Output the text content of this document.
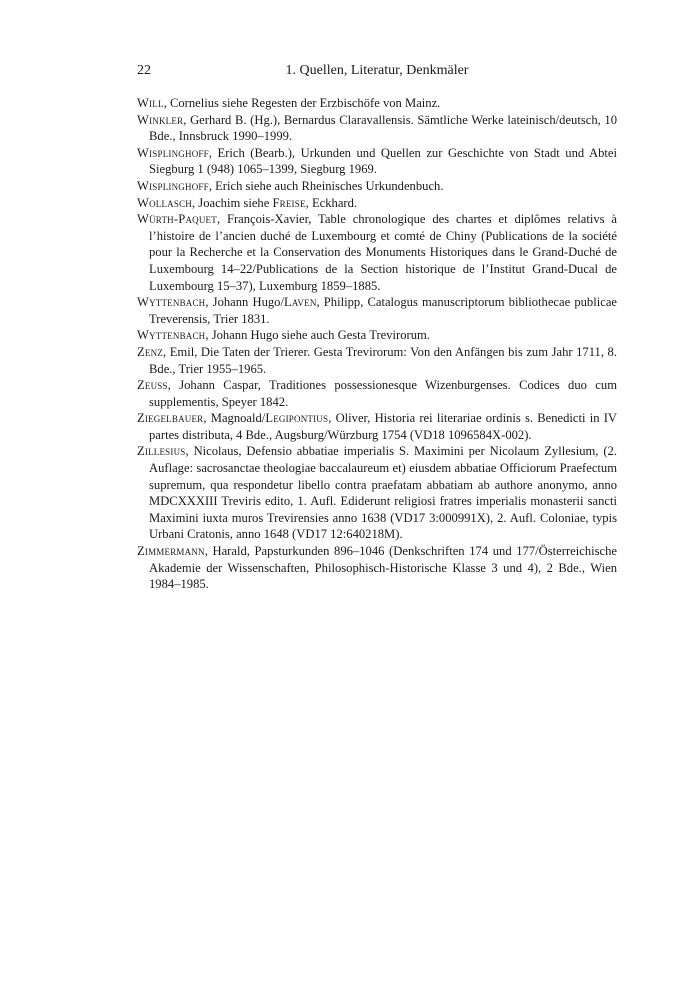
22	1. Quellen, Literatur, Denkmäler

Will, Cornelius siehe Regesten der Erzbischöfe von Mainz.

Winkler, Gerhard B. (Hg.), Bernardus Claravallensis. Sämtliche Werke lateinisch/deutsch, 10 Bde., Innsbruck 1990–1999.

Wisplinghoff, Erich (Bearb.), Urkunden und Quellen zur Geschichte von Stadt und Abtei Siegburg 1 (948) 1065–1399, Siegburg 1969.

Wisplinghoff, Erich siehe auch Rheinisches Urkundenbuch.

Wollasch, Joachim siehe Freise, Eckhard.

Würth-Paquet, François-Xavier, Table chronologique des chartes et diplômes relativs à l’histoire de l’ancien duché de Luxembourg et comté de Chiny (Publications de la société pour la Recherche et la Conservation des Monuments Historiques dans le Grand-Duché de Luxembourg 14–22/Publications de la Section historique de l’Institut Grand-Ducal de Luxembourg 15–37), Luxemburg 1859–1885.

Wyttenbach, Johann Hugo/Laven, Philipp, Catalogus manuscriptorum bibliothecae publicae Treverensis, Trier 1831.

Wyttenbach, Johann Hugo siehe auch Gesta Trevirorum.

Zenz, Emil, Die Taten der Trierer. Gesta Trevirorum: Von den Anfängen bis zum Jahr 1711, 8. Bde., Trier 1955–1965.

Zeuss, Johann Caspar, Traditiones possessionesque Wizenburgenses. Codices duo cum supplementis, Speyer 1842.

Ziegelbauer, Magnoald/Legipontius, Oliver, Historia rei literariae ordinis s. Benedicti in IV partes distributa, 4 Bde., Augsburg/Würzburg 1754 (VD18 1096584X-002).

Zillesius, Nicolaus, Defensio abbatiae imperialis S. Maximini per Nicolaum Zyllesium, (2. Auflage: sacrosanctae theologiae baccalaureum et) eiusdem abbatiae Officiorum Praefectum supremum, qua respondetur libello contra praefatam abbatiam ab authore anonymo, anno MDCXXXIII Treviris edito, 1. Aufl. Ediderunt religiosi fratres imperialis monasterii sancti Maximini iuxta muros Trevirensies anno 1638 (VD17 3:000991X), 2. Aufl. Coloniae, typis Urbani Cratonis, anno 1648 (VD17 12:640218M).

Zimmermann, Harald, Papsturkunden 896–1046 (Denkschriften 174 und 177/Österreichische Akademie der Wissenschaften, Philosophisch-Historische Klasse 3 und 4), 2 Bde., Wien 1984–1985.
